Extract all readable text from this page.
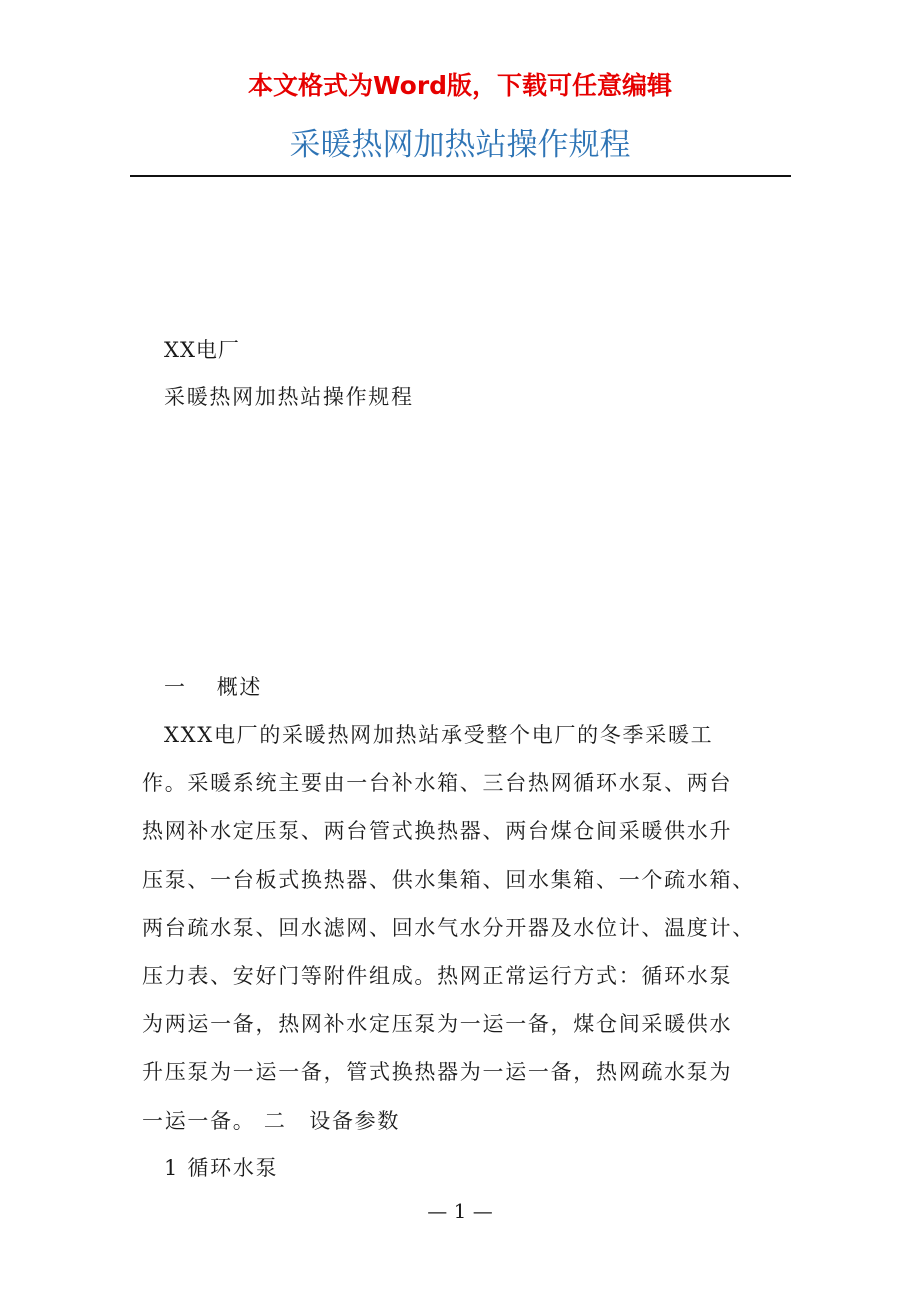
本文格式为Word版，下载可任意编辑
采暖热网加热站操作规程
XX电厂
采暖热网加热站操作规程
一 概述
XXX电厂的采暖热网加热站承受整个电厂的冬季采暖工
作。采暖系统主要由一台补水箱、三台热网循环水泵、两台
热网补水定压泵、两台管式换热器、两台煤仓间采暖供水升
压泵、一台板式换热器、供水集箱、回水集箱、一个疏水箱、
两台疏水泵、回水滤网、回水气水分开器及水位计、温度计、
压力表、安好门等附件组成。热网正常运行方式：循环水泵
为两运一备，热网补水定压泵为一运一备，煤仓间采暖供水
升压泵为一运一备，管式换热器为一运一备，热网疏水泵为
一运一备。 二　设备参数
1 循环水泵
— 1 —
